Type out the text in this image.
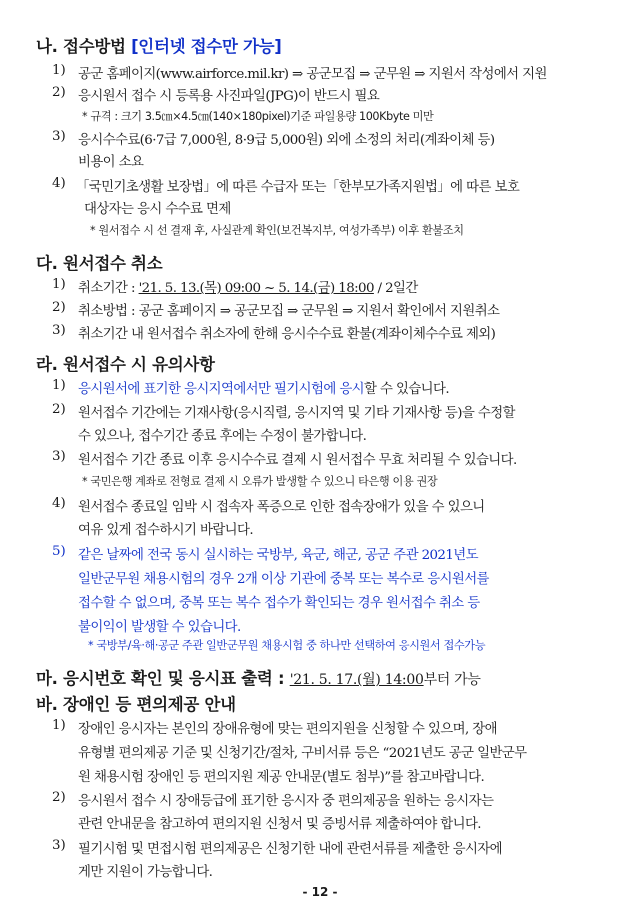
나. 접수방법 [인터넷 접수만 가능]
1) 공군 홈페이지(www.airforce.mil.kr) ⇒ 공군모집 ⇒ 군무원 ⇒ 지원서 작성에서 지원
2) 응시원서 접수 시 등록용 사진파일(JPG)이 반드시 필요
* 규격 : 크기 3.5㎝×4.5㎝(140×180pixel)기준 파일용량 100Kbyte 미만
3) 응시수수료(6·7급 7,000원, 8·9급 5,000원) 외에 소정의 처리(계좌이체 등)
비용이 소요
4) 「국민기초생활 보장법」에 따른 수급자 또는「한부모가족지원법」에 따른 보호
대상자는 응시 수수료 면제
* 원서접수 시 선 결재 후, 사실관계 확인(보건복지부, 여성가족부) 이후 환불조치
다. 원서접수 취소
1) 취소기간 : '21. 5. 13.(목) 09:00 ~ 5. 14.(금) 18:00 / 2일간
2) 취소방법 : 공군 홈페이지 ⇒ 공군모집 ⇒ 군무원 ⇒ 지원서 확인에서 지원취소
3) 취소기간 내 원서접수 취소자에 한해 응시수수료 환불(계좌이체수수료 제외)
라. 원서접수 시 유의사항
1) 응시원서에 표기한 응시지역에서만 필기시험에 응시할 수 있습니다.
2) 원서접수 기간에는 기재사항(응시직렬, 응시지역 및 기타 기재사항 등)을 수정할
수 있으나, 접수기간 종료 후에는 수정이 불가합니다.
3) 원서접수 기간 종료 이후 응시수수료 결제 시 원서접수 무효 처리될 수 있습니다.
* 국민은행 계좌로 전형료 결제 시 오류가 발생할 수 있으니 타은행 이용 권장
4) 원서접수 종료일 임박 시 접속자 폭증으로 인한 접속장애가 있을 수 있으니
여유 있게 접수하시기 바랍니다.
5) 같은 날짜에 전국 동시 실시하는 국방부, 육군, 해군, 공군 주관 2021년도
일반군무원 채용시험의 경우 2개 이상 기관에 중복 또는 복수로 응시원서를
접수할 수 없으며, 중복 또는 복수 접수가 확인되는 경우 원서접수 취소 등
불이익이 발생할 수 있습니다.
* 국방부/육·해·공군 주관 일반군무원 채용시험 중 하나만 선택하여 응시원서 접수가능
마. 응시번호 확인 및 응시표 출력 : '21. 5. 17.(월) 14:00부터 가능
바. 장애인 등 편의제공 안내
1) 장애인 응시자는 본인의 장애유형에 맞는 편의지원을 신청할 수 있으며, 장애
유형별 편의제공 기준 및 신청기간/절차, 구비서류 등은 “2021년도 공군 일반군무
원 채용시험 장애인 등 편의지원 제공 안내문(별도 첨부)”를 참고바랍니다.
2) 응시원서 접수 시 장애등급에 표기한 응시자 중 편의제공을 원하는 응시자는
관련 안내문을 참고하여 편의지원 신청서 및 증빙서류 제출하여야 합니다.
3) 필기시험 및 면접시험 편의제공은 신청기한 내에 관련서류를 제출한 응시자에
게만 지원이 가능합니다.
- 12 -
